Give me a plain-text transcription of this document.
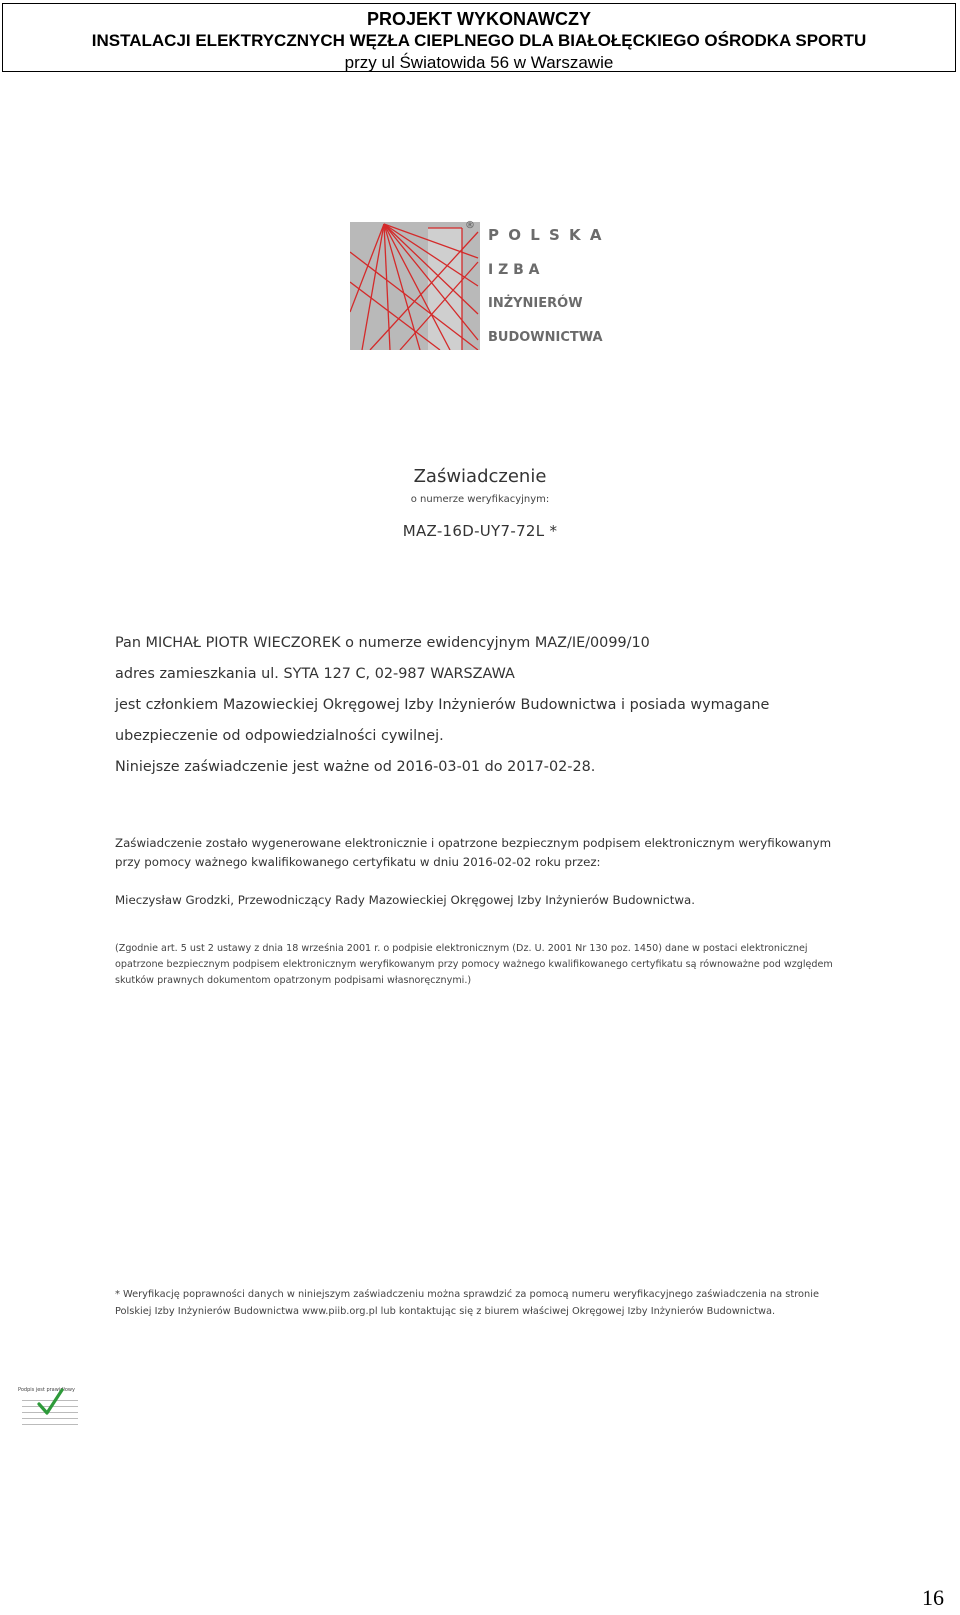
PROJEKT WYKONAWCZY
INSTALACJI ELEKTRYCZNYCH WĘZŁA CIEPLNEGO DLA BIAŁOŁĘCKIEGO OŚRODKA SPORTU
przy ul Światowida 56 w Warszawie
®
P O L S K A
I Z B A
INŻYNIERÓW
BUDOWNICTWA
Zaświadczenie
o numerze weryfikacyjnym:
MAZ-16D-UY7-72L *
Pan MICHAŁ PIOTR WIECZOREK o numerze ewidencyjnym MAZ/IE/0099/10
adres zamieszkania ul. SYTA 127 C, 02-987 WARSZAWA
jest członkiem Mazowieckiej Okręgowej Izby Inżynierów Budownictwa i posiada wymagane
ubezpieczenie od odpowiedzialności cywilnej.
Niniejsze zaświadczenie jest ważne od 2016-03-01 do 2017-02-28.
Zaświadczenie zostało wygenerowane elektronicznie i opatrzone bezpiecznym podpisem elektronicznym weryfikowanym przy pomocy ważnego kwalifikowanego certyfikatu w dniu 2016-02-02 roku przez:
Mieczysław Grodzki, Przewodniczący Rady Mazowieckiej Okręgowej Izby Inżynierów Budownictwa.
(Zgodnie art. 5 ust 2 ustawy z dnia 18 września 2001 r. o podpisie elektronicznym (Dz. U. 2001 Nr 130 poz. 1450) dane w postaci elektronicznej opatrzone bezpiecznym podpisem elektronicznym weryfikowanym przy pomocy ważnego kwalifikowanego certyfikatu są równoważne pod względem skutków prawnych dokumentom opatrzonym podpisami własnoręcznymi.)
* Weryfikację poprawności danych w niniejszym zaświadczeniu można sprawdzić za pomocą numeru weryfikacyjnego zaświadczenia na stronie Polskiej Izby Inżynierów Budownictwa www.piib.org.pl lub kontaktując się z biurem właściwej Okręgowej Izby Inżynierów Budownictwa.
Podpis jest prawidłowy
16
